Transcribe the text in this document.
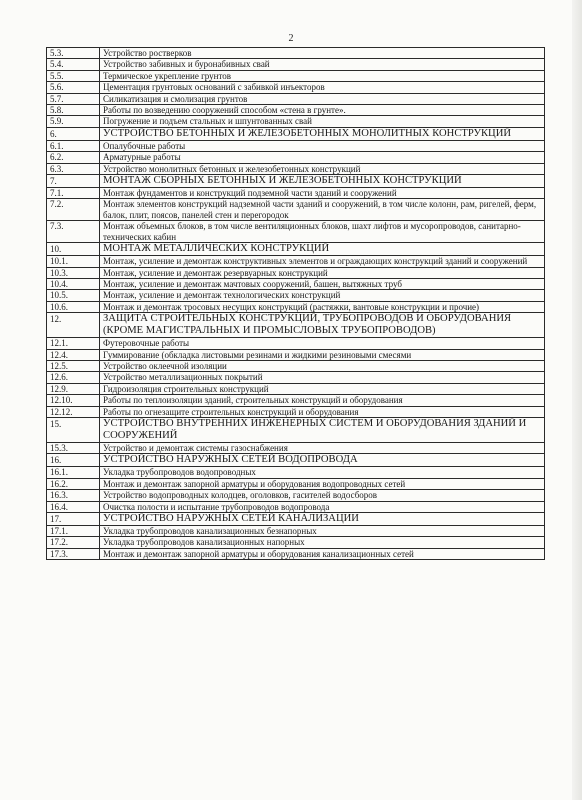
2
5.3.	Устройство ростверков
5.4.	Устройство забивных и буронабивных свай
5.5.	Термическое укрепление грунтов
5.6.	Цементация грунтовых оснований с забивкой инъекторов
5.7.	Силикатизация и смолизация грунтов
5.8.	Работы по возведению сооружений способом «стена в грунте».
5.9.	Погружение и подъем стальных и шпунтованных свай
6.	УСТРОЙСТВО БЕТОННЫХ И ЖЕЛЕЗОБЕТОННЫХ МОНОЛИТНЫХ КОНСТРУКЦИЙ
6.1.	Опалубочные работы
6.2.	Арматурные работы
6.3.	Устройство монолитных бетонных и железобетонных конструкций
7.	МОНТАЖ СБОРНЫХ БЕТОННЫХ И ЖЕЛЕЗОБЕТОННЫХ КОНСТРУКЦИЙ
7.1.	Монтаж фундаментов и конструкций подземной части зданий и сооружений
7.2.	Монтаж элементов конструкций надземной части зданий и сооружений, в том числе колонн, рам, ригелей, ферм, балок, плит, поясов, панелей стен и перегородок
7.3.	Монтаж объемных блоков, в том числе вентиляционных блоков, шахт лифтов и мусоропроводов, санитарно-технических кабин
10.	МОНТАЖ МЕТАЛЛИЧЕСКИХ КОНСТРУКЦИЙ
10.1.	Монтаж, усиление и демонтаж конструктивных элементов и ограждающих конструкций зданий и сооружений
10.3.	Монтаж, усиление и демонтаж резервуарных конструкций
10.4.	Монтаж, усиление и демонтаж мачтовых сооружений, башен, вытяжных труб
10.5.	Монтаж, усиление и демонтаж технологических конструкций
10.6.	Монтаж и демонтаж тросовых несущих конструкций (растяжки, вантовые конструкции и прочие)
12.	ЗАЩИТА СТРОИТЕЛЬНЫХ КОНСТРУКЦИЙ, ТРУБОПРОВОДОВ И ОБОРУДОВАНИЯ (КРОМЕ МАГИСТРАЛЬНЫХ И ПРОМЫСЛОВЫХ ТРУБОПРОВОДОВ)
12.1.	Футеровочные работы
12.4.	Гуммирование (обкладка листовыми резинами и жидкими резиновыми смесями
12.5.	Устройство оклеечной изоляции
12.6.	Устройство металлизационных покрытий
12.9.	Гидроизоляция строительных конструкций
12.10.	Работы по теплоизоляции зданий, строительных конструкций и оборудования
12.12.	Работы по огнезащите строительных конструкций и оборудования
15.	УСТРОЙСТВО ВНУТРЕННИХ ИНЖЕНЕРНЫХ СИСТЕМ И ОБОРУДОВАНИЯ ЗДАНИЙ И СООРУЖЕНИЙ
15.3.	Устройство и демонтаж системы газоснабжения
16.	УСТРОЙСТВО НАРУЖНЫХ СЕТЕЙ ВОДОПРОВОДА
16.1.	Укладка трубопроводов водопроводных
16.2.	Монтаж и демонтаж запорной арматуры и оборудования водопроводных сетей
16.3.	Устройство водопроводных колодцев, оголовков, гасителей водосборов
16.4.	Очистка полости и испытание трубопроводов водопровода
17.	УСТРОЙСТВО НАРУЖНЫХ СЕТЕЙ КАНАЛИЗАЦИИ
17.1.	Укладка трубопроводов канализационных безнапорных
17.2.	Укладка трубопроводов канализационных напорных
17.3.	Монтаж и демонтаж запорной арматуры и оборудования канализационных сетей
